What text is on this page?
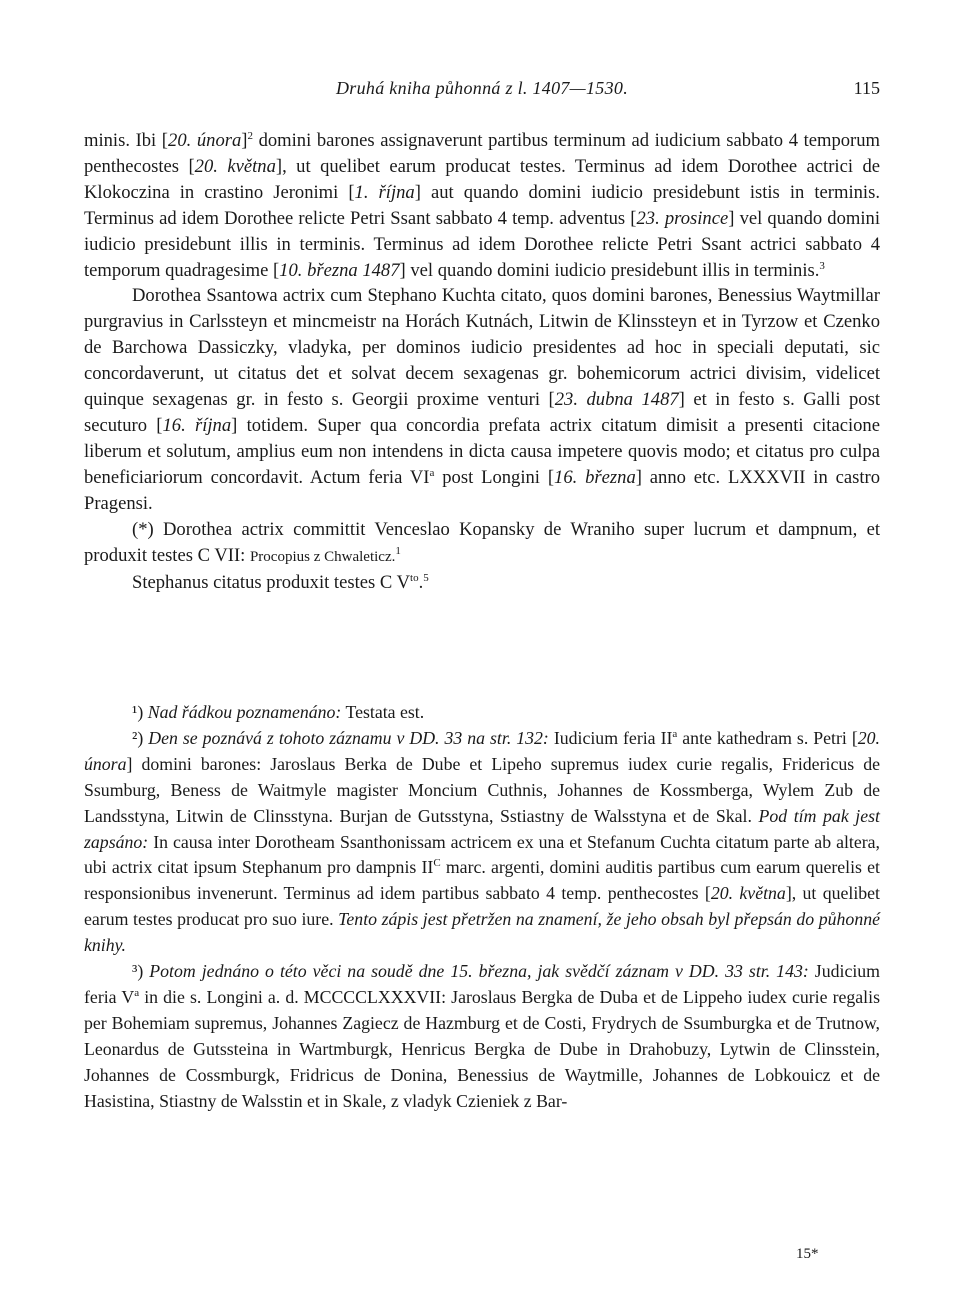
Druhá kniha půhonná z l. 1407—1530.	115

minis. Ibi [20. února]$^2$ domini barones assignaverunt partibus terminum ad iudicium sabbato 4 temporum penthecostes [20. května], ut quelibet earum producat testes. Terminus ad idem Dorothee actrici de Klokoczina in crastino Jeronimi [1. října] aut quando domini iudicio presidebunt istis in terminis. Terminus ad idem Dorothee relicte Petri Ssant sabbato 4 temp. adventus [23. prosince] vel quando domini iudicio presidebunt illis in terminis. Terminus ad idem Dorothee relicte Petri Ssant actrici sabbato 4 temporum quadragesime [10. března 1487] vel quando domini iudicio presidebunt illis in terminis.$^3$

Dorothea Ssantowa actrix cum Stephano Kuchta citato, quos domini barones, Benessius Waytmillar purgravius in Carlssteyn et mincmeistr na Horách Kutnách, Litwin de Klinssteyn et in Tyrzow et Czenko de Barchowa Dassiczky, vladyka, per dominos iudicio presidentes ad hoc in speciali deputati, sic concordaverunt, ut citatus det et solvat decem sexagenas gr. bohemicorum actrici divisim, videlicet quinque sexagenas gr. in festo s. Georgii proxime venturi [23. dubna 1487] et in festo s. Galli post secuturo [16. října] totidem. Super qua concordia prefata actrix citatum dimisit a presenti citacione liberum et solutum, amplius eum non intendens in dicta causa impetere quovis modo; et citatus pro culpa beneficiariorum concordavit. Actum feria $VI^a$ post Longini [16. března] anno etc. LXXXVII in castro Pragensi.

(*) Dorothea actrix committit Venceslao Kopansky de Wraniho super lucrum et dampnum, et produxit testes C VII: Procopius z Chwaleticz.$^1$

Stephanus citatus produxit testes C $V^{to}.^5$

¹) Nad řádkou poznamenáno: Testata est.

²) Den se poznává z tohoto záznamu v DD. 33 na str. 132: Iudicium feria $II^a$ ante kathedram s. Petri [20. února] domini barones: Jaroslaus Berka de Dube et Lipeho supremus iudex curie regalis, Fridericus de Ssumburg, Beness de Waitmyle magister Moncium Cuthnis, Johannes de Kossmberga, Wylem Zub de Landsstyna, Litwin de Clinsstyna. Burjan de Gutsstyna, Sstiastny de Walsstyna et de Skal. Pod tím pak jest zapsáno: In causa inter Dorotheam Ssanthonissam actricem ex una et Stefanum Cuchta citatum parte ab altera, ubi actrix citat ipsum Stephanum pro dampnis $II^C$ marc. argenti, domini auditis partibus cum earum querelis et responsionibus invenerunt. Terminus ad idem partibus sabbato 4 temp. penthecostes [20. května], ut quelibet earum testes producat pro suo iure. Tento zápis jest přetržen na znamení, že jeho obsah byl přepsán do půhonné knihy.

³) Potom jednáno o této věci na soudě dne 15. března, jak svědčí záznam v DD. 33 str. 143: Judicium feria $V^a$ in die s. Longini a. d. MCCCCLXXXVII: Jaroslaus Bergka de Duba et de Lippeho iudex curie regalis per Bohemiam supremus, Johannes Zagiecz de Hazmburg et de Costi, Frydrych de Ssumburgka et de Trutnow, Leonardus de Gutssteina in Wartmburgk, Henricus Bergka de Dube in Drahobuzy, Lytwin de Clinsstein, Johannes de Cossmburgk, Fridricus de Donina, Benessius de Waytmille, Johannes de Lobkouicz et de Hasistina, Stiastny de Walsstin et in Skale, z vladyk Czieniek z Bar-

15*
